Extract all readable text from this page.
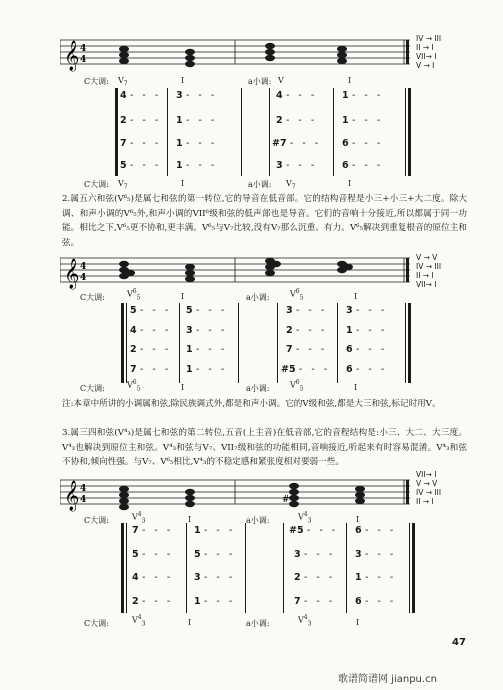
𝄞 4
4
IV → III
II → I
VII→ I
V → I
C大调: $V_7$	I	a小调: V	I
4 - - - 3 - - -	4 - - -	1 - - -
2 - - - 1 - - -	2 - - -	1 - - -
7 - - - 1 - - -	#7 - - - 6 - - -
5 - - - 1 - - -	3 - - -	6 - - -
C大调: $V_7$	I	a小调: $V_7$	I
2.属五六和弦(V⁶₅)是属七和弦的第一转位,它的导音在低音部。它的结构音程是小三+小三+大二度。除大调、和声小调的V⁶₅外,和声小调的VII⁶级和弦的低声部也是导音。它们的音响十分接近,所以都属于同一功能。相比之下,V⁶₅更不协和,更丰满。V⁶₅与V₇比较,没有V₇那么沉重、有力。V⁶₅解决到重复根音的原位主和弦。
𝄞 4
4
V → V
IV → III
II → I
VII→ I
C大调:	$V^6_5$	I	a小调:	$V^6_5$	I
5 - - - 5 - - -	3 - - - 3 - - -
4 - - - 3 - - -	2 - - - 1 - - -
2 - - - 1 - - -	7 - - - 6 - - -
7 - - - 1 - - -	#5 - - - 6 - - -
C大调:	$V^6_5$	I	a小调:	$V^6_5$	I
注:本章中所讲的小调属和弦,除民族调式外,都是和声小调。它的V级和弦,都是大三和弦,标记时用V。
3.属三四和弦(V⁴₃)是属七和弦的第二转位,五音(上主音)在低音部,它的音程结构是:小三、大二、大三度。V⁴₃也解决到原位主和弦。V⁴₃和弦与V₇、VII₇级和弦的功能相同,音响接近,听起来有时容易混淆。V⁴₃和弦不协和,倾向性强。与V₇、V⁶₅相比,V⁴₃的不稳定感和紧张度相对要弱一些。
𝄞 4
4	#
VII→ I
V → V
IV → III
II → I
C大调:	$V^4_3$	I	a小调:	$V^4_3$	I
7 - - - 1 - - -	#5 - - - 6 - - -
5 - - - 5 - - -	3 - - - 3 - - -
4 - - - 3 - - -	2 - - - 1 - - -
2 - - - 1 - - -	7 - - - 6 - - -
C大调:	$V^4_3$	I	a小调:	$V^4_3$	I
47
歌谱简谱网 jianpu.cn
